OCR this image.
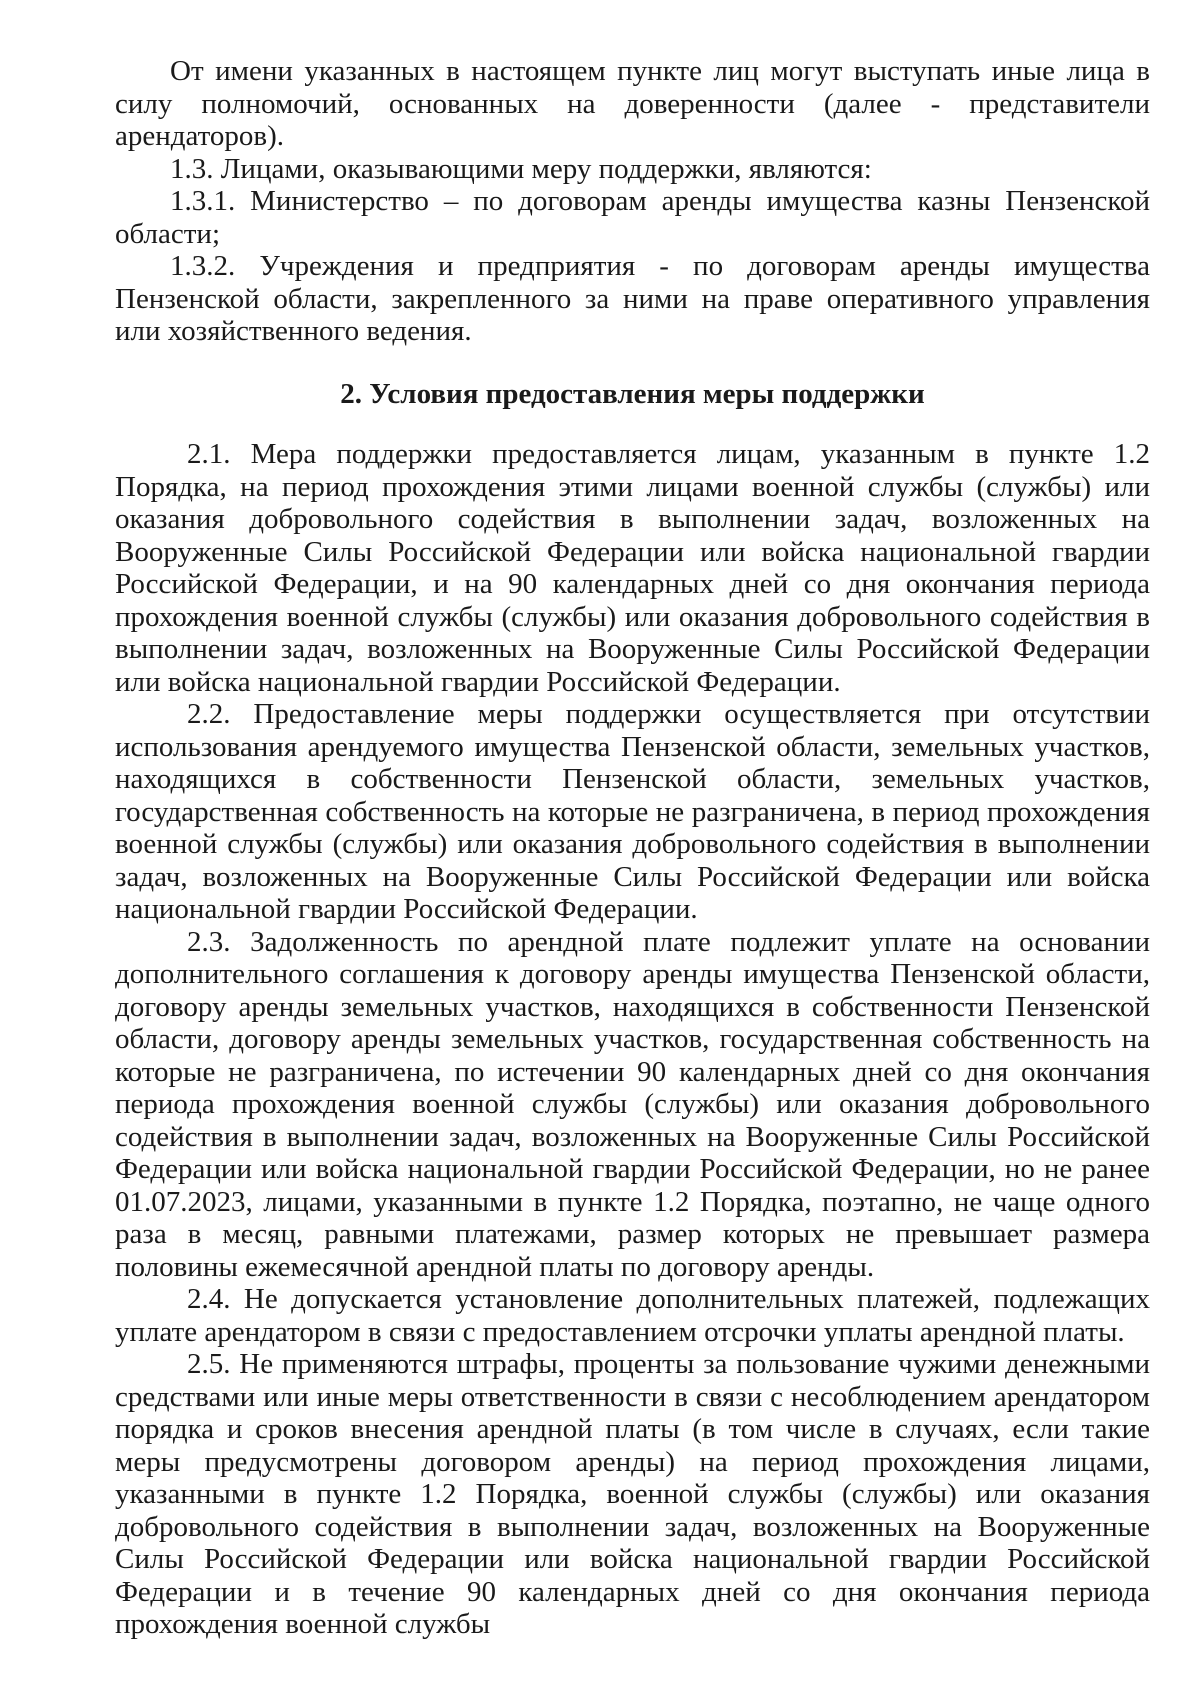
От имени указанных в настоящем пункте лиц могут выступать иные лица в силу полномочий, основанных на доверенности (далее - представители арендаторов).

1.3. Лицами, оказывающими меру поддержки, являются:

1.3.1. Министерство – по договорам аренды имущества казны Пензенской области;

1.3.2. Учреждения и предприятия - по договорам аренды имущества Пензенской области, закрепленного за ними на праве оперативного управления или хозяйственного ведения.

2. Условия предоставления меры поддержки

2.1. Мера поддержки предоставляется лицам, указанным в пункте 1.2 Порядка, на период прохождения этими лицами военной службы (службы) или оказания добровольного содействия в выполнении задач, возложенных на Вооруженные Силы Российской Федерации или войска национальной гвардии Российской Федерации, и на 90 календарных дней со дня окончания периода прохождения военной службы (службы) или оказания добровольного содействия в выполнении задач, возложенных на Вооруженные Силы Российской Федерации или войска национальной гвардии Российской Федерации.

2.2. Предоставление меры поддержки осуществляется при отсутствии использования арендуемого имущества Пензенской области, земельных участков, находящихся в собственности Пензенской области, земельных участков, государственная собственность на которые не разграничена, в период прохождения военной службы (службы) или оказания добровольного содействия в выполнении задач, возложенных на Вооруженные Силы Российской Федерации или войска национальной гвардии Российской Федерации.

2.3. Задолженность по арендной плате подлежит уплате на основании дополнительного соглашения к договору аренды имущества Пензенской области, договору аренды земельных участков, находящихся в собственности Пензенской области, договору аренды земельных участков, государственная собственность на которые не разграничена, по истечении 90 календарных дней со дня окончания периода прохождения военной службы (службы) или оказания добровольного содействия в выполнении задач, возложенных на Вооруженные Силы Российской Федерации или войска национальной гвардии Российской Федерации, но не ранее 01.07.2023, лицами, указанными в пункте 1.2 Порядка, поэтапно, не чаще одного раза в месяц, равными платежами, размер которых не превышает размера половины ежемесячной арендной платы по договору аренды.

2.4. Не допускается установление дополнительных платежей, подлежащих уплате арендатором в связи с предоставлением отсрочки уплаты арендной платы.

2.5. Не применяются штрафы, проценты за пользование чужими денежными средствами или иные меры ответственности в связи с несоблюдением арендатором порядка и сроков внесения арендной платы (в том числе в случаях, если такие меры предусмотрены договором аренды) на период прохождения лицами, указанными в пункте 1.2 Порядка, военной службы (службы) или оказания добровольного содействия в выполнении задач, возложенных на Вооруженные Силы Российской Федерации или войска национальной гвардии Российской Федерации и в течение 90 календарных дней со дня окончания периода прохождения военной службы
